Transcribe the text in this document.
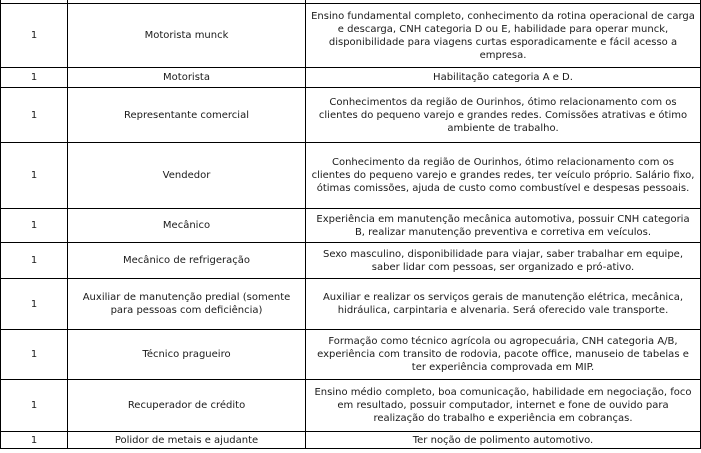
1	Motorista munck	Ensino fundamental completo, conhecimento da rotina operacional de carga e descarga, CNH categoria D ou E, habilidade para operar munck, disponibilidade para viagens curtas esporadicamente e fácil acesso a empresa.
1	Motorista	Habilitação categoria A e D.
1	Representante comercial	Conhecimentos da região de Ourinhos, ótimo relacionamento com os clientes do pequeno varejo e grandes redes. Comissões atrativas e ótimo ambiente de trabalho.
1	Vendedor	Conhecimento da região de Ourinhos, ótimo relacionamento com os clientes do pequeno varejo e grandes redes, ter veículo próprio. Salário fixo, ótimas comissões, ajuda de custo como combustível e despesas pessoais.
1	Mecânico	Experiência em manutenção mecânica automotiva, possuir CNH categoria B, realizar manutenção preventiva e corretiva em veículos.
1	Mecânico de refrigeração	Sexo masculino, disponibilidade para viajar, saber trabalhar em equipe, saber lidar com pessoas, ser organizado e pró-ativo.
1	Auxiliar de manutenção predial (somente para pessoas com deficiência)	Auxiliar e realizar os serviços gerais de manutenção elétrica, mecânica, hidráulica, carpintaria e alvenaria. Será oferecido vale transporte.
1	Técnico pragueiro	Formação como técnico agrícola ou agropecuária, CNH categoria A/B, experiência com transito de rodovia, pacote office, manuseio de tabelas e ter experiência comprovada em MIP.
1	Recuperador de crédito	Ensino médio completo, boa comunicação, habilidade em negociação, foco em resultado, possuir computador, internet e fone de ouvido para realização do trabalho e experiência em cobranças.
1	Polidor de metais e ajudante	Ter noção de polimento automotivo.
